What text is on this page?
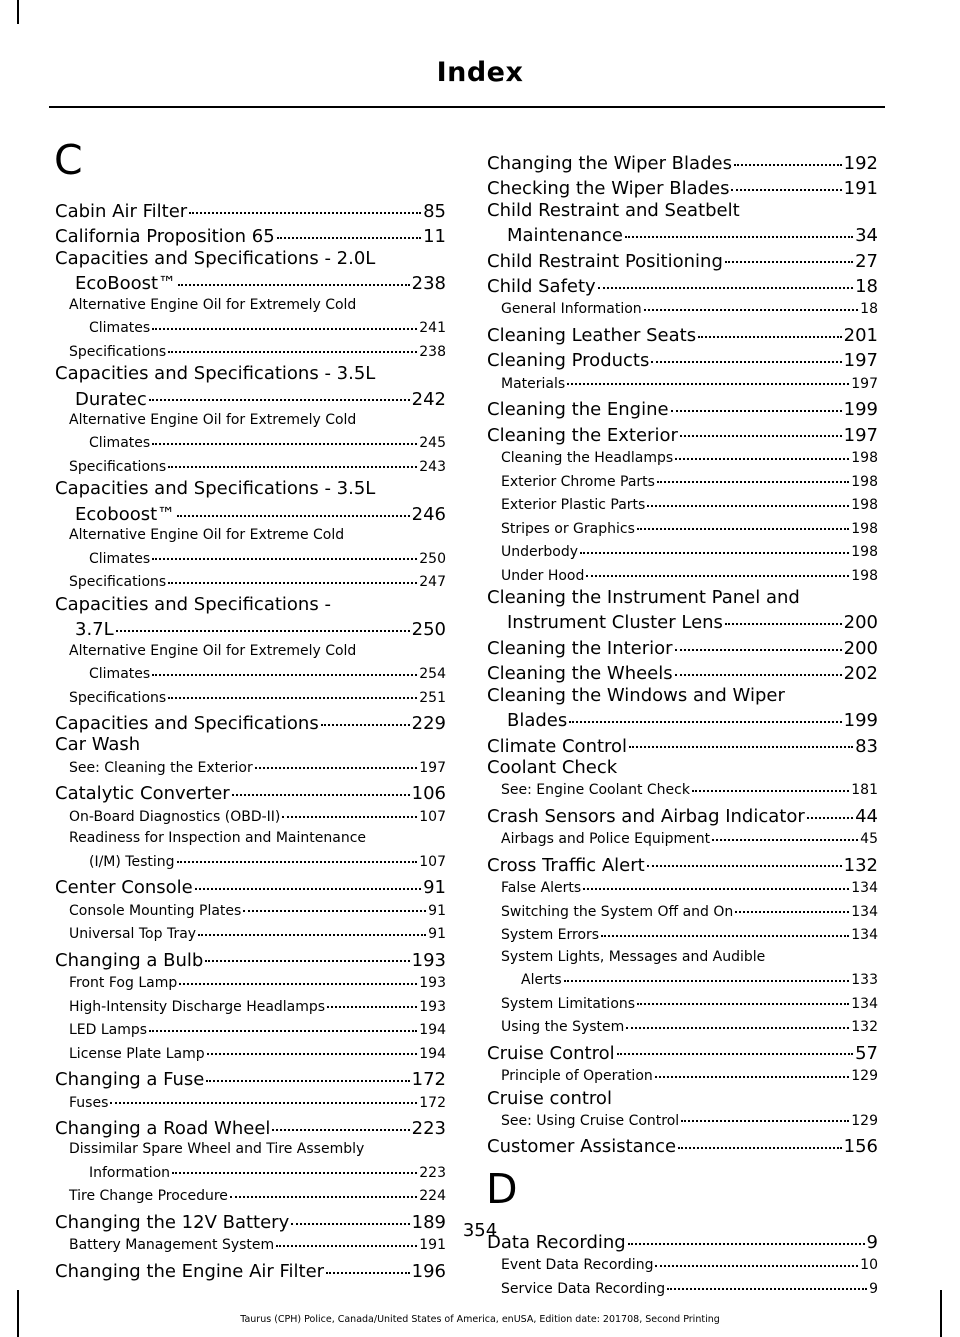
Index
C
Cabin Air Filter	85
California Proposition 65	11
Capacities and Specifications - 2.0L
EcoBoost™	238
Alternative Engine Oil for Extremely Cold
Climates	241
Specifications	238
Capacities and Specifications - 3.5L
Duratec	242
Alternative Engine Oil for Extremely Cold
Climates	245
Specifications	243
Capacities and Specifications - 3.5L
Ecoboost™	246
Alternative Engine Oil for Extreme Cold
Climates	250
Specifications	247
Capacities and Specifications -
3.7L	250
Alternative Engine Oil for Extremely Cold
Climates	254
Specifications	251
Capacities and Specifications	229
Car Wash
See: Cleaning the Exterior	197
Catalytic Converter	106
On-Board Diagnostics (OBD-II)	107
Readiness for Inspection and Maintenance
(I/M) Testing	107
Center Console	91
Console Mounting Plates	91
Universal Top Tray	91
Changing a Bulb	193
Front Fog Lamp	193
High-Intensity Discharge Headlamps	193
LED Lamps	194
License Plate Lamp	194
Changing a Fuse	172
Fuses	172
Changing a Road Wheel	223
Dissimilar Spare Wheel and Tire Assembly
Information	223
Tire Change Procedure	224
Changing the 12V Battery	189
Battery Management System	191
Changing the Engine Air Filter	196
Changing the Wiper Blades	192
Checking the Wiper Blades	191
Child Restraint and Seatbelt
Maintenance	34
Child Restraint Positioning	27
Child Safety	18
General Information	18
Cleaning Leather Seats	201
Cleaning Products	197
Materials	197
Cleaning the Engine	199
Cleaning the Exterior	197
Cleaning the Headlamps	198
Exterior Chrome Parts	198
Exterior Plastic Parts	198
Stripes or Graphics	198
Underbody	198
Under Hood	198
Cleaning the Instrument Panel and
Instrument Cluster Lens	200
Cleaning the Interior	200
Cleaning the Wheels	202
Cleaning the Windows and Wiper
Blades	199
Climate Control	83
Coolant Check
See: Engine Coolant Check	181
Crash Sensors and Airbag Indicator	44
Airbags and Police Equipment	45
Cross Traffic Alert	132
False Alerts	134
Switching the System Off and On	134
System Errors	134
System Lights, Messages and Audible
Alerts	133
System Limitations	134
Using the System	132
Cruise Control	57
Principle of Operation	129
Cruise control
See: Using Cruise Control	129
Customer Assistance	156
D
Data Recording	9
Event Data Recording	10
Service Data Recording	9
354
Taurus (CPH) Police, Canada/United States of America, enUSA, Edition date: 201708, Second Printing
